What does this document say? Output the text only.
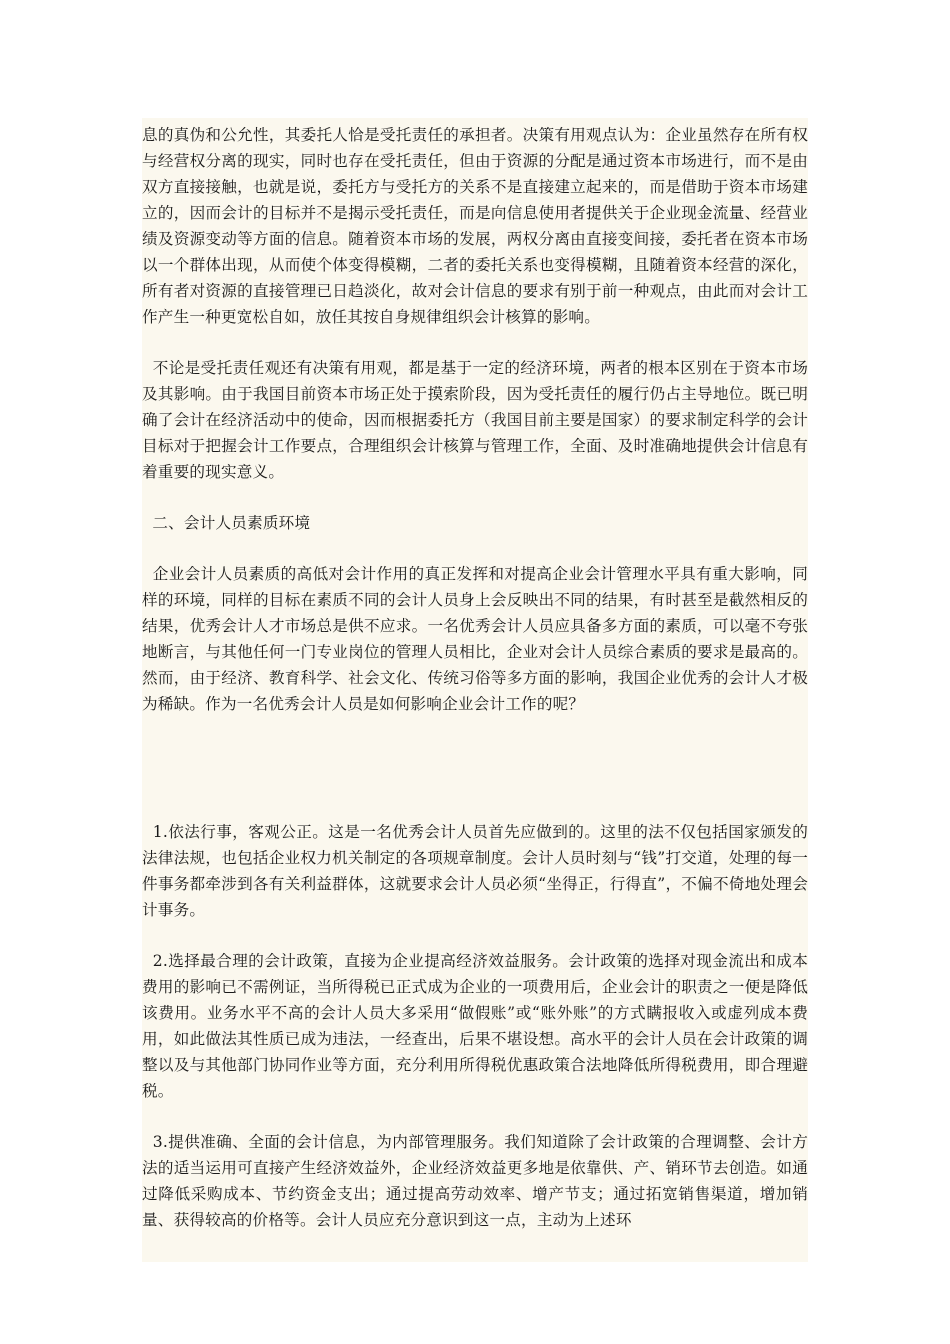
息的真伪和公允性，其委托人恰是受托责任的承担者。决策有用观点认为：企业虽然存在所有权与经营权分离的现实，同时也存在受托责任，但由于资源的分配是通过资本市场进行，而不是由双方直接接触，也就是说，委托方与受托方的关系不是直接建立起来的，而是借助于资本市场建立的，因而会计的目标并不是揭示受托责任，而是向信息使用者提供关于企业现金流量、经营业绩及资源变动等方面的信息。随着资本市场的发展，两权分离由直接变间接，委托者在资本市场以一个群体出现，从而使个体变得模糊，二者的委托关系也变得模糊，且随着资本经营的深化，所有者对资源的直接管理已日趋淡化，故对会计信息的要求有别于前一种观点，由此而对会计工作产生一种更宽松自如，放任其按自身规律组织会计核算的影响。

不论是受托责任观还有决策有用观，都是基于一定的经济环境，两者的根本区别在于资本市场及其影响。由于我国目前资本市场正处于摸索阶段，因为受托责任的履行仍占主导地位。既已明确了会计在经济活动中的使命，因而根据委托方（我国目前主要是国家）的要求制定科学的会计目标对于把握会计工作要点，合理组织会计核算与管理工作，全面、及时准确地提供会计信息有着重要的现实意义。

二、会计人员素质环境

企业会计人员素质的高低对会计作用的真正发挥和对提高企业会计管理水平具有重大影响，同样的环境，同样的目标在素质不同的会计人员身上会反映出不同的结果，有时甚至是截然相反的结果，优秀会计人才市场总是供不应求。一名优秀会计人员应具备多方面的素质，可以毫不夸张地断言，与其他任何一门专业岗位的管理人员相比，企业对会计人员综合素质的要求是最高的。然而，由于经济、教育科学、社会文化、传统习俗等多方面的影响，我国企业优秀的会计人才极为稀缺。作为一名优秀会计人员是如何影响企业会计工作的呢？

1.依法行事，客观公正。这是一名优秀会计人员首先应做到的。这里的法不仅包括国家颁发的法律法规，也包括企业权力机关制定的各项规章制度。会计人员时刻与“钱”打交道，处理的每一件事务都牵涉到各有关利益群体，这就要求会计人员必须“坐得正，行得直”，不偏不倚地处理会计事务。

2.选择最合理的会计政策，直接为企业提高经济效益服务。会计政策的选择对现金流出和成本费用的影响已不需例证，当所得税已正式成为企业的一项费用后，企业会计的职责之一便是降低该费用。业务水平不高的会计人员大多采用“做假账”或“账外账”的方式瞒报收入或虚列成本费用，如此做法其性质已成为违法，一经查出，后果不堪设想。高水平的会计人员在会计政策的调整以及与其他部门协同作业等方面，充分利用所得税优惠政策合法地降低所得税费用，即合理避税。

3.提供准确、全面的会计信息，为内部管理服务。我们知道除了会计政策的合理调整、会计方法的适当运用可直接产生经济效益外，企业经济效益更多地是依靠供、产、销环节去创造。如通过降低采购成本、节约资金支出；通过提高劳动效率、增产节支；通过拓宽销售渠道，增加销量、获得较高的价格等。会计人员应充分意识到这一点，主动为上述环
